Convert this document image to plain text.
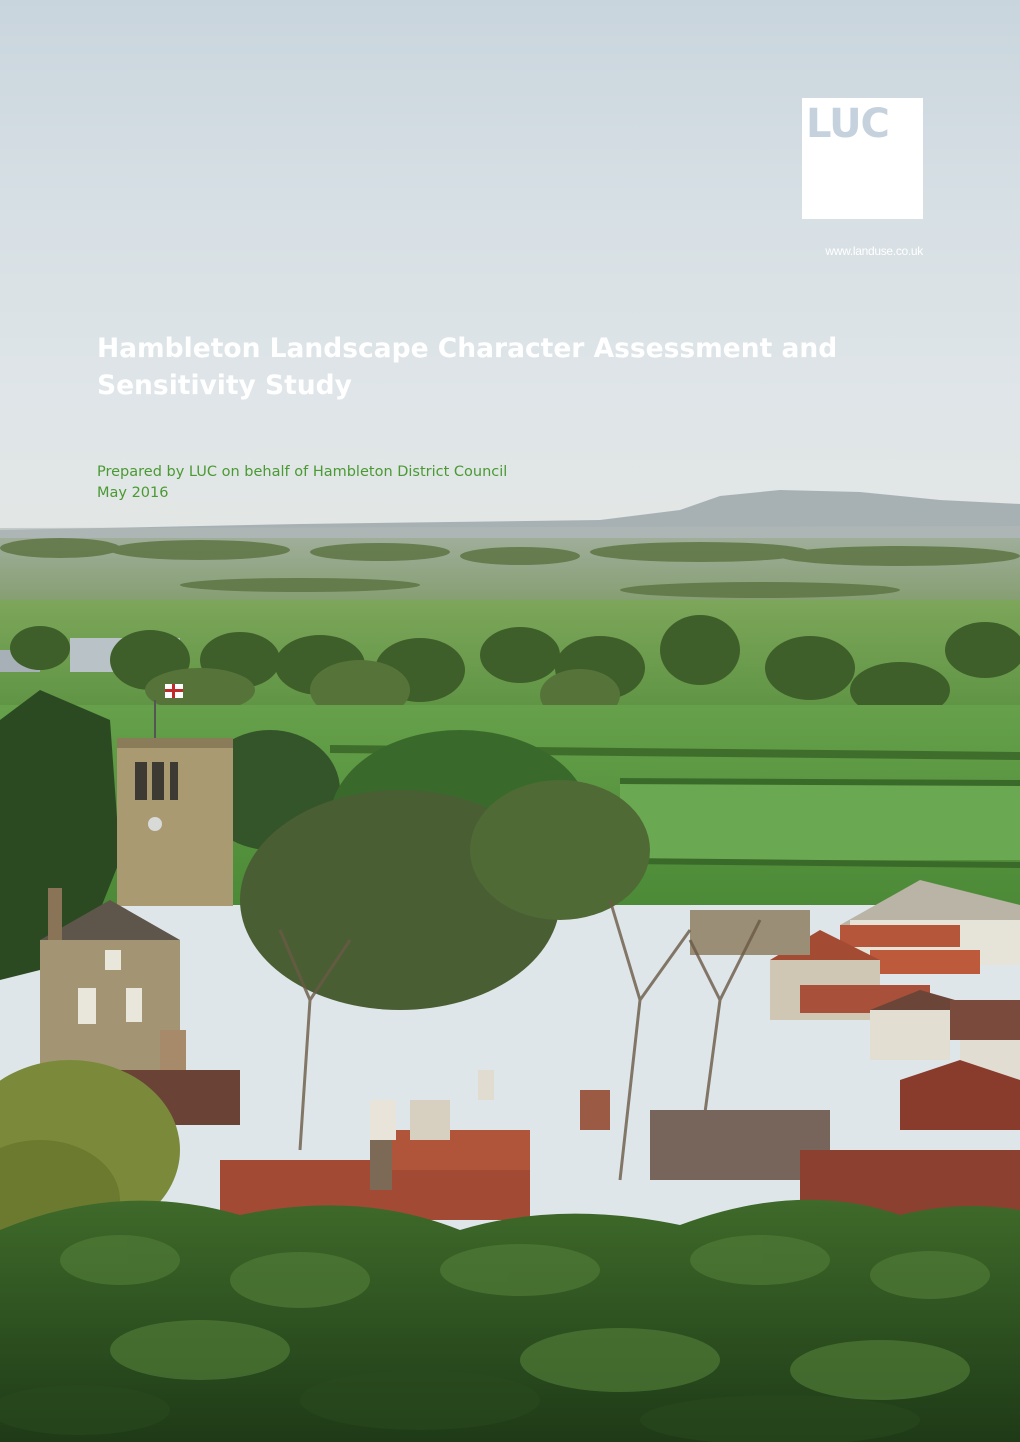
LUC
www.landuse.co.uk
Hambleton Landscape Character Assessment and
Sensitivity Study
Prepared by LUC on behalf of Hambleton District Council
May 2016
